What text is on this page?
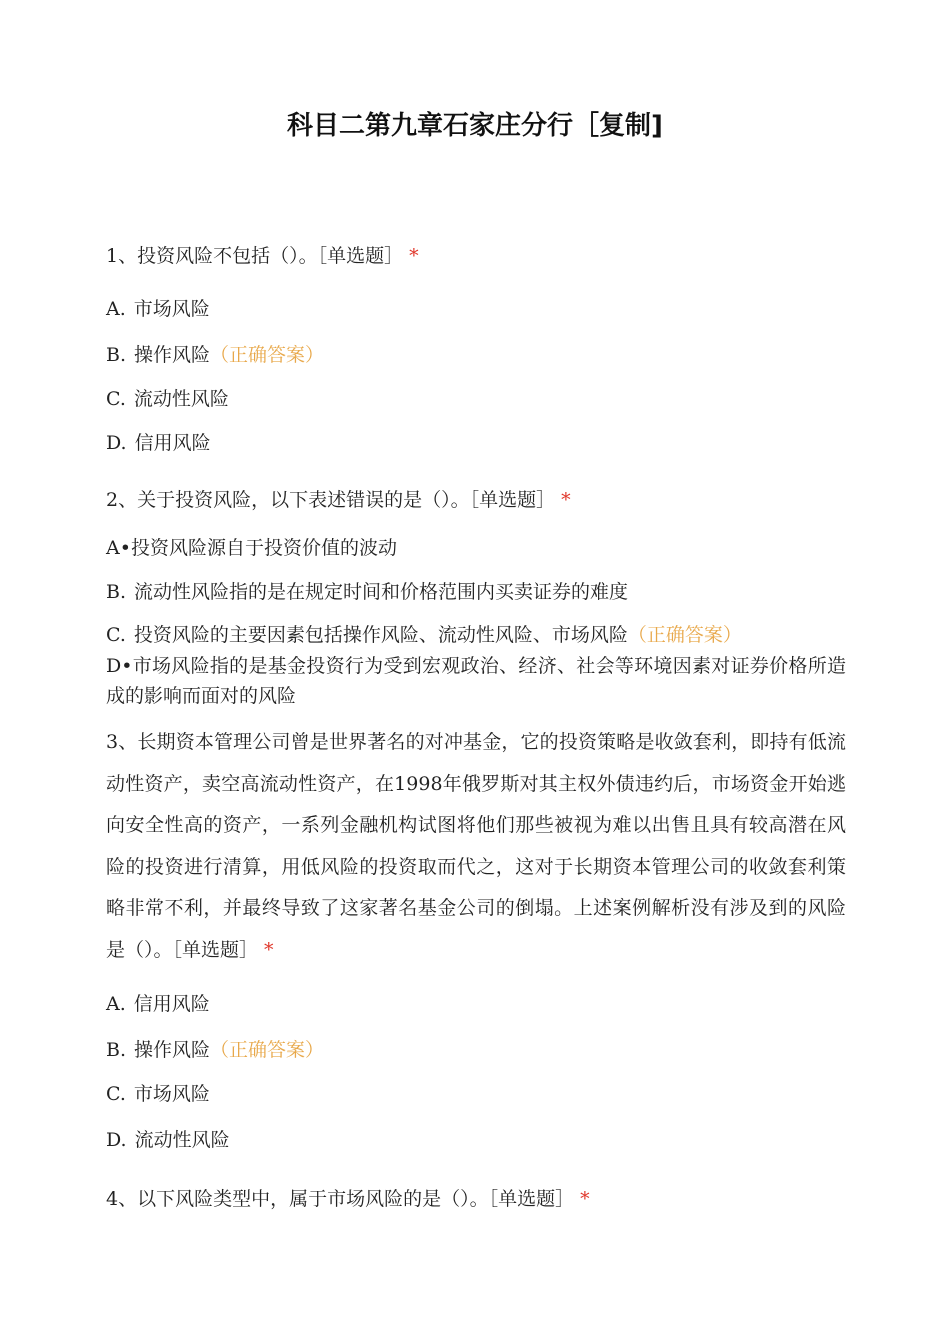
科目二第九章石家庄分行［复制]
1、投资风险不包括（）。［单选题］ *
A. 市场风险
B. 操作风险（正确答案）
C. 流动性风险
D. 信用风险
2、关于投资风险，以下表述错误的是（）。［单选题］ *
A•投资风险源自于投资价值的波动
B. 流动性风险指的是在规定时间和价格范围内买卖证券的难度
C. 投资风险的主要因素包括操作风险、流动性风险、市场风险（正确答案）
D•市场风险指的是基金投资行为受到宏观政治、经济、社会等环境因素对证券价格所造成的影响而面对的风险
3、长期资本管理公司曾是世界著名的对冲基金，它的投资策略是收敛套利，即持有低流动性资产，卖空高流动性资产，在1998年俄罗斯对其主权外债违约后，市场资金开始逃向安全性高的资产，一系列金融机构试图将他们那些被视为难以出售且具有较高潜在风险的投资进行清算，用低风险的投资取而代之，这对于长期资本管理公司的收敛套利策略非常不利，并最终导致了这家著名基金公司的倒塌。上述案例解析没有涉及到的风险是（）。［单选题］ *
A. 信用风险
B. 操作风险（正确答案）
C. 市场风险
D. 流动性风险
4、以下风险类型中，属于市场风险的是（）。［单选题］ *
